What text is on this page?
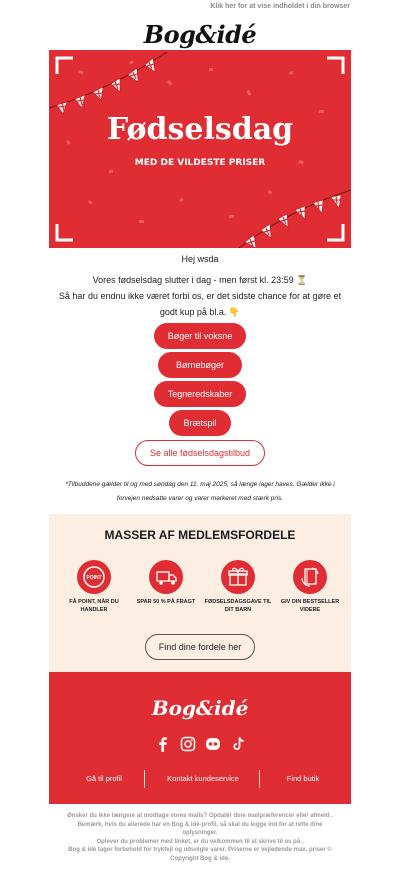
Klik her for at vise indholdet i din browser
Bog&idé
Fødselsdag
MED DE VILDESTE PRISER
Hej wsda
Vores fødselsdag slutter i dag - men først kl. 23:59 ⏳
Så har du endnu ikke været forbi os, er det sidste chance for at gøre et godt kup på bl.a. 👇
Bøger til voksne
Børnebøger
Tegneredskaber
Brætspil
Se alle fødselsdagstilbud
*Tilbuddene gælder til og med søndag den 11. maj 2025, så længe lager haves. Gælder ikke i forvejen nedsatte varer og varer markeret med stærk pris.
MASSER AF MEDLEMSFORDELE
POINT
FÅ POINT, NÅR DU HANDLER
SPAR 50 % PÅ FRAGT	FØDSELSDAGSGAVE TIL DIT BARN
GIV DIN BESTSELLER VIDERE
Find dine fordele her
Bog&idé
Gå til profil	Kontakt kundeservice	Find butik
Ønsker du ikke længere at modtage vores mails? Opdatér dine mailpræferencer eller afmeld . Bemærk, hvis du allerede har en Bog & idé-profil, så skal du logge ind for at rette dine oplysninger.
Oplever du problemer med linket, er du velkommen til at skrive til os på .
Bog & idé tager forbehold for trykfejl og udsolgte varer. Priserne er vejledende max. priser © Copyright Bog & idé.
